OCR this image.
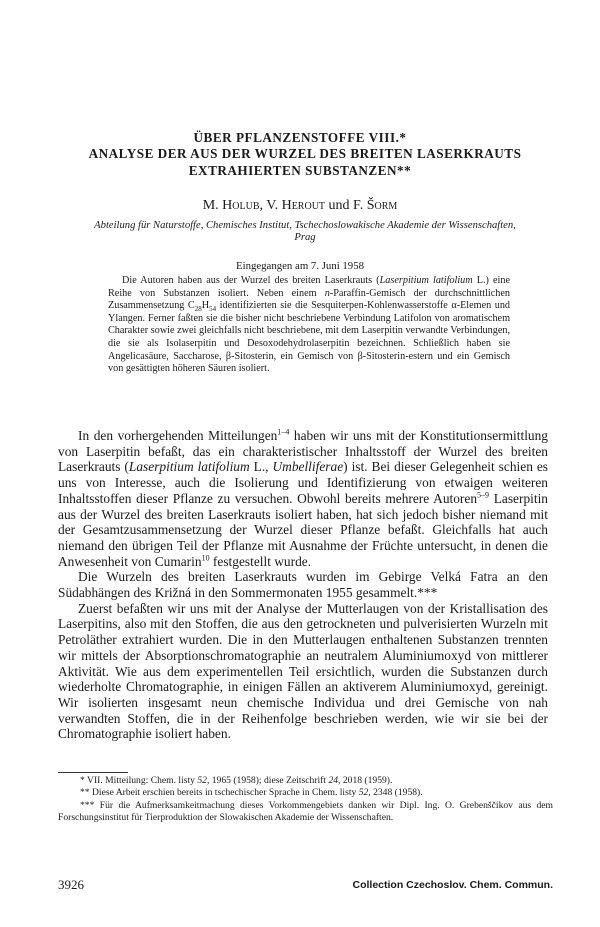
ÜBER PFLANZENSTOFFE VIII.*
ANALYSE DER AUS DER WURZEL DES BREITEN LASERKRAUTS
EXTRAHIERTEN SUBSTANZEN**
M. Holub, V. Herout und F. Šorm
Abteilung für Naturstoffe, Chemisches Institut, Tschechoslowakische Akademie der Wissenschaften,
Prag
Eingegangen am 7. Juni 1958
Die Autoren haben aus der Wurzel des breiten Laserkrauts (Laserpitium latifolium L.) eine Reihe von Substanzen isoliert. Neben einem n-Paraffin-Gemisch der durchschnittlichen Zusammensetzung $C_{28}H_{54}$ identifizierten sie die Sesquiterpen-Kohlenwasserstoffe α-Elemen und Ylangen. Ferner faßten sie die bisher nicht beschriebene Verbindung Latifolon von aromatischem Charakter sowie zwei gleichfalls nicht beschriebene, mit dem Laserpitin verwandte Verbindungen, die sie als Isolaserpitin und Desoxodehydrolaserpitin bezeichnen. Schließlich haben sie Angelicasäure, Saccharose, β-Sitosterin, ein Gemisch von β-Sitosterin-estern und ein Gemisch von gesättigten höheren Säuren isoliert.

In den vorhergehenden Mitteilungen$^{1-4}$ haben wir uns mit der Konstitutionsermittlung von Laserpitin befaßt, das ein charakteristischer Inhaltsstoff der Wurzel des breiten Laserkrauts (Laserpitium latifolium L., Umbelliferae) ist. Bei dieser Gelegenheit schien es uns von Interesse, auch die Isolierung und Identifizierung von etwaigen weiteren Inhaltsstoffen dieser Pflanze zu versuchen. Obwohl bereits mehrere Autoren$^{5-9}$ Laserpitin aus der Wurzel des breiten Laserkrauts isoliert haben, hat sich jedoch bisher niemand mit der Gesamtzusammensetzung der Wurzel dieser Pflanze befaßt. Gleichfalls hat auch niemand den übrigen Teil der Pflanze mit Ausnahme der Früchte untersucht, in denen die Anwesenheit von Cumarin$^{10}$ festgestellt wurde.

Die Wurzeln des breiten Laserkrauts wurden im Gebirge Velká Fatra an den Südabhängen des Križná in den Sommermonaten 1955 gesammelt.***

Zuerst befaßten wir uns mit der Analyse der Mutterlaugen von der Kristallisation des Laserpitins, also mit den Stoffen, die aus den getrockneten und pulverisierten Wurzeln mit Petroläther extrahiert wurden. Die in den Mutterlaugen enthaltenen Substanzen trennten wir mittels der Absorptionschromatographie an neutralem Aluminiumoxyd von mittlerer Aktivität. Wie aus dem experimentellen Teil ersichtlich, wurden die Substanzen durch wiederholte Chromatographie, in einigen Fällen an aktiverem Aluminiumoxyd, gereinigt. Wir isolierten insgesamt neun chemische Individua und drei Gemische von nah verwandten Stoffen, die in der Reihenfolge beschrieben werden, wie wir sie bei der Chromatographie isoliert haben.

* VII. Mitteilung: Chem. listy 52, 1965 (1958); diese Zeitschrift 24, 2018 (1959).
** Diese Arbeit erschien bereits in tschechischer Sprache in Chem. listy 52, 2348 (1958).
*** Für die Aufmerksamkeitmachung dieses Vorkommengebiets danken wir Dipl. Ing. O. Grebenščikov aus dem Forschungsinstitut für Tierproduktion der Slowakischen Akademie der Wissenschaften.
3926	Collection Czechoslov. Chem. Commun.
